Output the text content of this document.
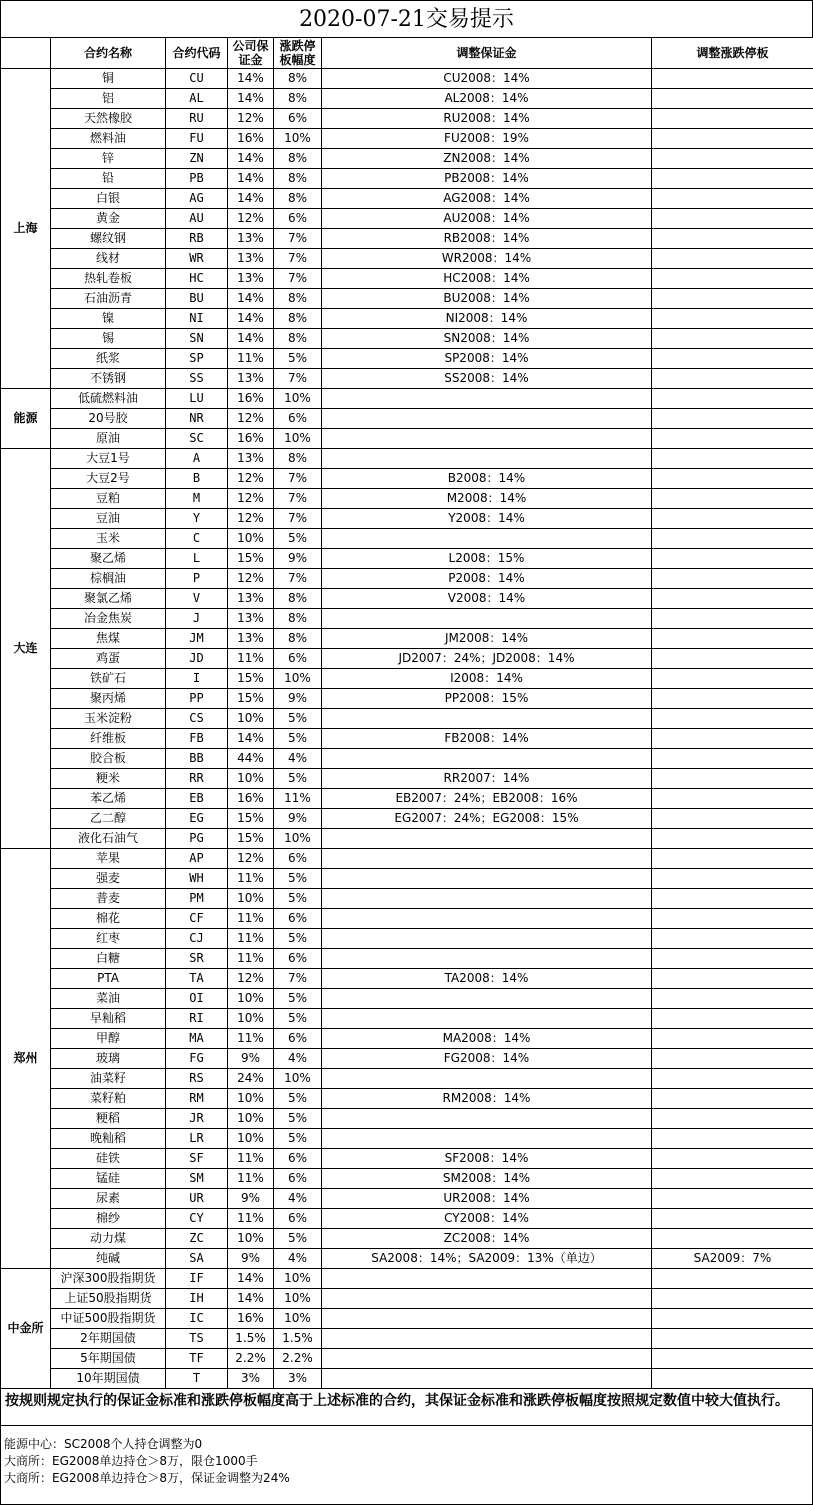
2020-07-21交易提示
	合约名称	合约代码	公司保证金	涨跌停板幅度	调整保证金	调整涨跌停板
上海	铜	CU	14%	8%	CU2008：14%	
	铝	AL	14%	8%	AL2008：14%	
	天然橡胶	RU	12%	6%	RU2008：14%	
	燃料油	FU	16%	10%	FU2008：19%	
	锌	ZN	14%	8%	ZN2008：14%	
	铅	PB	14%	8%	PB2008：14%	
	白银	AG	14%	8%	AG2008：14%	
	黄金	AU	12%	6%	AU2008：14%	
	螺纹钢	RB	13%	7%	RB2008：14%	
	线材	WR	13%	7%	WR2008：14%	
	热轧卷板	HC	13%	7%	HC2008：14%	
	石油沥青	BU	14%	8%	BU2008：14%	
	镍	NI	14%	8%	NI2008：14%	
	锡	SN	14%	8%	SN2008：14%	
	纸浆	SP	11%	5%	SP2008：14%	
	不锈钢	SS	13%	7%	SS2008：14%	
能源	低硫燃料油	LU	16%	10%		
	20号胶	NR	12%	6%		
	原油	SC	16%	10%		
大连	大豆1号	A	13%	8%		
	大豆2号	B	12%	7%	B2008：14%	
	豆粕	M	12%	7%	M2008：14%	
	豆油	Y	12%	7%	Y2008：14%	
	玉米	C	10%	5%		
	聚乙烯	L	15%	9%	L2008：15%	
	棕榈油	P	12%	7%	P2008：14%	
	聚氯乙烯	V	13%	8%	V2008：14%	
	冶金焦炭	J	13%	8%		
	焦煤	JM	13%	8%	JM2008：14%	
	鸡蛋	JD	11%	6%	JD2007：24%；JD2008：14%	
	铁矿石	I	15%	10%	I2008：14%	
	聚丙烯	PP	15%	9%	PP2008：15%	
	玉米淀粉	CS	10%	5%		
	纤维板	FB	14%	5%	FB2008：14%	
	胶合板	BB	44%	4%		
	粳米	RR	10%	5%	RR2007：14%	
	苯乙烯	EB	16%	11%	EB2007：24%；EB2008：16%	
	乙二醇	EG	15%	9%	EG2007：24%；EG2008：15%	
	液化石油气	PG	15%	10%		
郑州	苹果	AP	12%	6%		
	强麦	WH	11%	5%		
	普麦	PM	10%	5%		
	棉花	CF	11%	6%		
	红枣	CJ	11%	5%		
	白糖	SR	11%	6%		
	PTA	TA	12%	7%	TA2008：14%	
	菜油	OI	10%	5%		
	早籼稻	RI	10%	5%		
	甲醇	MA	11%	6%	MA2008：14%	
	玻璃	FG	9%	4%	FG2008：14%	
	油菜籽	RS	24%	10%		
	菜籽粕	RM	10%	5%	RM2008：14%	
	粳稻	JR	10%	5%		
	晚籼稻	LR	10%	5%		
	硅铁	SF	11%	6%	SF2008：14%	
	锰硅	SM	11%	6%	SM2008：14%	
	尿素	UR	9%	4%	UR2008：14%	
	棉纱	CY	11%	6%	CY2008：14%	
	动力煤	ZC	10%	5%	ZC2008：14%	
	纯碱	SA	9%	4%	SA2008：14%；SA2009：13%（单边）	SA2009：7%
中金所	沪深300股指期货	IF	14%	10%		
	上证50股指期货	IH	14%	10%		
	中证500股指期货	IC	16%	10%		
	2年期国债	TS	1.5%	1.5%		
	5年期国债	TF	2.2%	2.2%		
	10年期国债	T	3%	3%		
按规则规定执行的保证金标准和涨跌停板幅度高于上述标准的合约，其保证金标准和涨跌停板幅度按照规定数值中较大值执行。
能源中心：SC2008个人持仓调整为0
大商所：EG2008单边持仓＞8万，限仓1000手
大商所：EG2008单边持仓＞8万，保证金调整为24%
